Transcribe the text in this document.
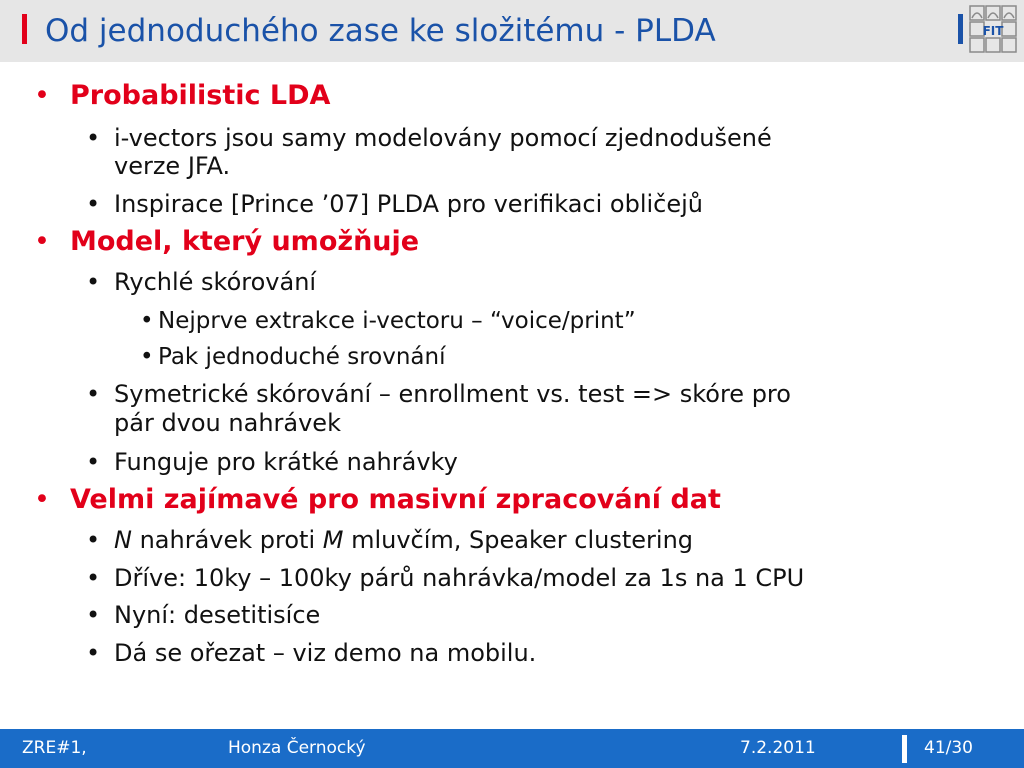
Od jednoduchého zase ke složitému - PLDA	FIT
• Probabilistic LDA
• i-vectors jsou samy modelovány pomocí zjednodušené
verze JFA.
• Inspirace [Prince ’07] PLDA pro verifikaci obličejů
• Model, který umožňuje
• Rychlé skórování
• Nejprve extrakce i-vectoru – “voice/print”
• Pak jednoduché srovnání
• Symetrické skórování – enrollment vs. test => skóre pro
pár dvou nahrávek
• Funguje pro krátké nahrávky
• Velmi zajímavé pro masivní zpracování dat
• N nahrávek proti M mluvčím, Speaker clustering
• Dříve: 10ky – 100ky párů nahrávka/model za 1s na 1 CPU
• Nyní: desetitisíce
• Dá se ořezat – viz demo na mobilu.
ZRE#1,	Honza Černocký	7.2.2011	41/30
